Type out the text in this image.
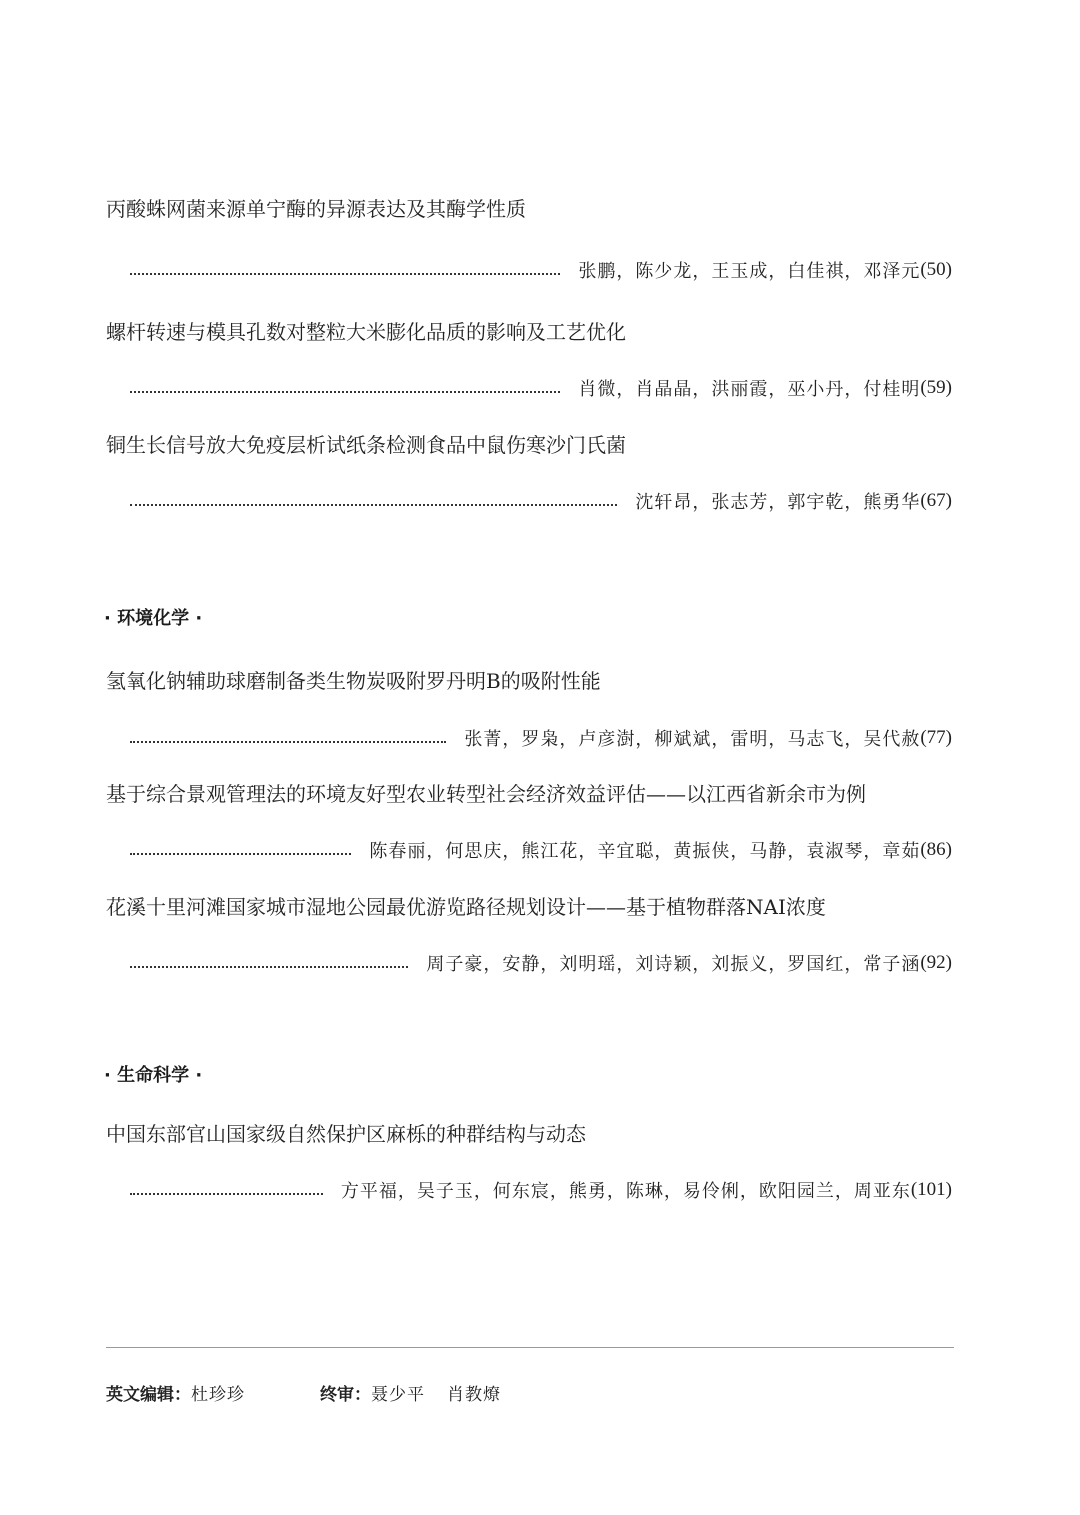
丙酸蛛网菌来源单宁酶的异源表达及其酶学性质
张鹏，陈少龙，王玉成，白佳祺，邓泽元 (50)
螺杆转速与模具孔数对整粒大米膨化品质的影响及工艺优化
肖微，肖晶晶，洪丽霞，巫小丹，付桂明 (59)
铜生长信号放大免疫层析试纸条检测食品中鼠伤寒沙门氏菌
沈轩昂，张志芳，郭宇乾，熊勇华 (67)
· 环境化学 ·
氢氧化钠辅助球磨制备类生物炭吸附罗丹明B的吸附性能
张菁，罗枭，卢彦澍，柳斌斌，雷明，马志飞，吴代赦 (77)
基于综合景观管理法的环境友好型农业转型社会经济效益评估——以江西省新余市为例
陈春丽，何思庆，熊江花，辛宜聪，黄振侠，马静，袁淑琴，章茹 (86)
花溪十里河滩国家城市湿地公园最优游览路径规划设计——基于植物群落NAI浓度
周子豪，安静，刘明瑶，刘诗颖，刘振义，罗国红，常子涵 (92)
· 生命科学 ·
中国东部官山国家级自然保护区麻栎的种群结构与动态
方平福，吴子玉，何东宸，熊勇，陈琳，易伶俐，欧阳园兰，周亚东 (101)
英文编辑： 杜珍珍	终审： 聂少平 肖教燎
